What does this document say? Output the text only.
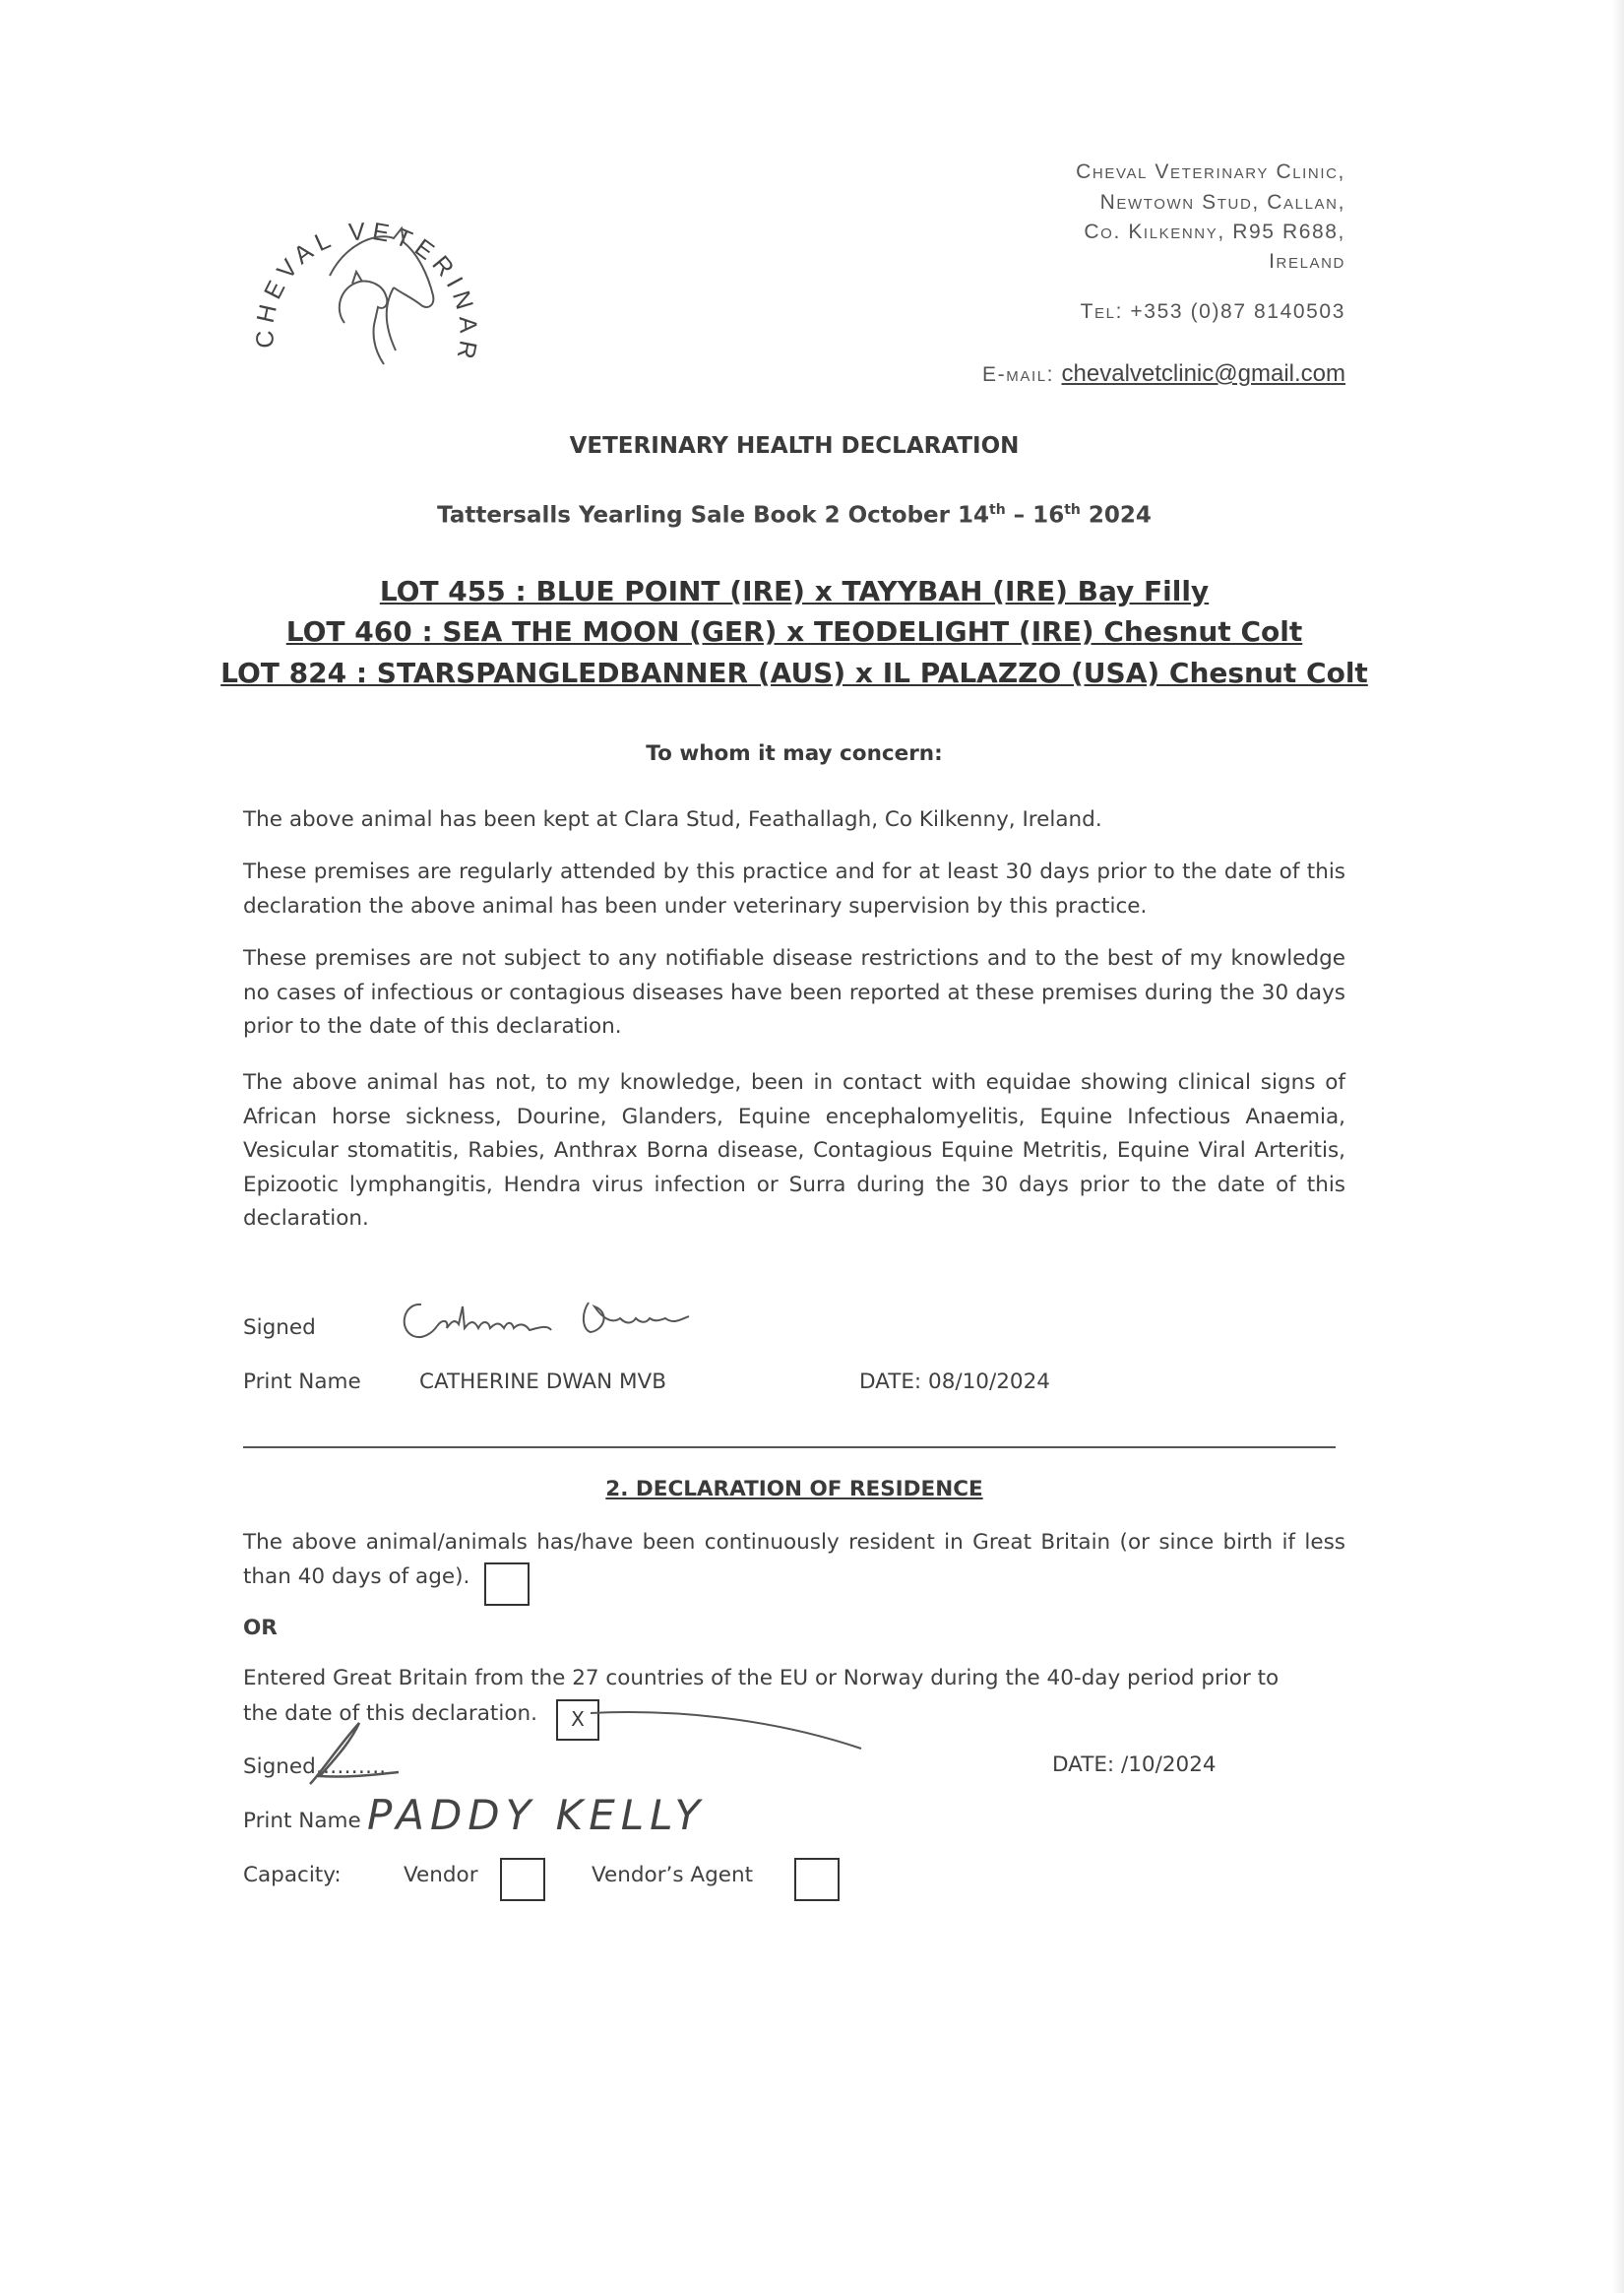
CHEVAL VETERINAR
Cheval Veterinary Clinic,
Newtown Stud, Callan,
Co. Kilkenny, R95 R688,
Ireland
Tel: +353 (0)87 8140503
E-mail: chevalvetclinic@gmail.com
VETERINARY HEALTH DECLARATION
Tattersalls Yearling Sale Book 2 October 14th – 16th 2024
LOT 455 : BLUE POINT (IRE) x TAYYBAH (IRE) Bay Filly
LOT 460 : SEA THE MOON (GER) x TEODELIGHT (IRE) Chesnut Colt
LOT 824 : STARSPANGLEDBANNER (AUS) x IL PALAZZO (USA) Chesnut Colt
To whom it may concern:
The above animal has been kept at Clara Stud, Feathallagh, Co Kilkenny, Ireland.
These premises are regularly attended by this practice and for at least 30 days prior to the date of this declaration the above animal has been under veterinary supervision by this practice.
These premises are not subject to any notifiable disease restrictions and to the best of my knowledge no cases of infectious or contagious diseases have been reported at these premises during the 30 days prior to the date of this declaration.
The above animal has not, to my knowledge, been in contact with equidae showing clinical signs of African horse sickness, Dourine, Glanders, Equine encephalomyelitis, Equine Infectious Anaemia, Vesicular stomatitis, Rabies, Anthrax Borna disease, Contagious Equine Metritis, Equine Viral Arteritis, Epizootic lymphangitis, Hendra virus infection or Surra during the 30 days prior to the date of this declaration.
Signed
Catherine Dwan
Print Name	CATHERINE DWAN MVB	DATE: 08/10/2024
2. DECLARATION OF RESIDENCE
The above animal/animals has/have been continuously resident in Great Britain (or since birth if less than 40 days of age).
OR
Entered Great Britain from the 27 countries of the EU or Norway during the 40-day period prior to
the date of this declaration.	X
Signed……….	DATE: /10/2024
Print Name PADDY KELLY
Capacity:	Vendor	Vendor’s Agent
